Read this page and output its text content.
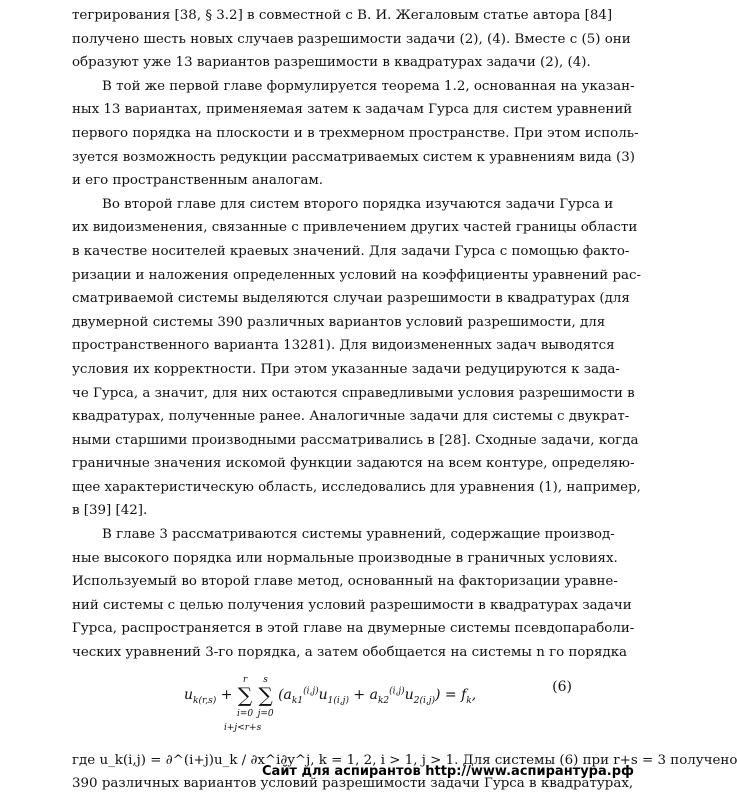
тегрирования [38, § 3.2] в совместной с В. И. Жегаловым статье автора [84]
получено шесть новых случаев разрешимости задачи (2), (4). Вместе с (5) они
образуют уже 13 вариантов разрешимости в квадратурах задачи (2), (4).
В той же первой главе формулируется теорема 1.2, основанная на указан-
ных 13 вариантах, применяемая затем к задачам Гурса для систем уравнений
первого порядка на плоскости и в трехмерном пространстве. При этом исполь-
зуется возможность редукции рассматриваемых систем к уравнениям вида (3)
и его пространственным аналогам.
Во второй главе для систем второго порядка изучаются задачи Гурса и
их видоизменения, связанные с привлечением других частей границы области
в качестве носителей краевых значений. Для задачи Гурса с помощью факто-
ризации и наложения определенных условий на коэффициенты уравнений рас-
сматриваемой системы выделяются случаи разрешимости в квадратурах (для
двумерной системы 390 различных вариантов условий разрешимости, для
пространственного варианта 13281). Для видоизмененных задач выводятся
условия их корректности. При этом указанные задачи редуцируются к зада-
че Гурса, а значит, для них остаются справедливыми условия разрешимости в
квадратурах, полученные ранее. Аналогичные задачи для системы с двукрат-
ными старшими производными рассматривались в [28]. Сходные задачи, когда
граничные значения искомой функции задаются на всем контуре, определяю-
щее характеристическую область, исследовались для уравнения (1), например,
в [39] [42].
В главе 3 рассматриваются системы уравнений, содержащие производ-
ные высокого порядка или нормальные производные в граничных условиях.
Используемый во второй главе метод, основанный на факторизации уравне-
ний системы с целью получения условий разрешимости в квадратурах задачи
Гурса, распространяется в этой главе на двумерные системы псевдопарaболи-
ческих уравнений 3-го порядка, а затем обобщается на системы n го порядка
$u_{k(r,s)} + r$
∑
i=0 s
∑
j=0 $(a_{k1}^{(i,j)}u_{1(i,j)} + a_{k2}^{(i,j)}u_{2(i,j)}) = f_k$,
i+j<r+s
(6)
где u_k(i,j) = ∂^(i+j)u_k / ∂x^i∂y^j, k = 1, 2, i > 1, j > 1. Для системы (6) при r+s = 3 получено
390 различных вариантов условий разрешимости задачи Гурса в квадратурах,
Сайт для аспирантов http://www.аспирантура.рф
